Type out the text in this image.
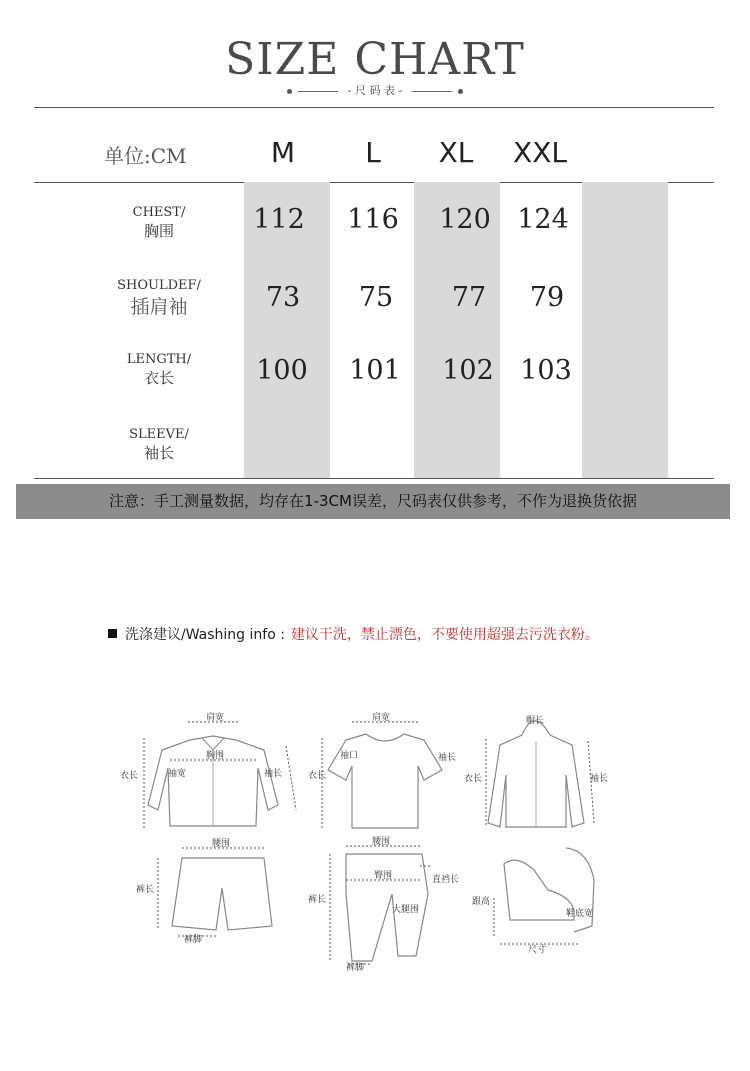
SIZE CHART
- 尺 码 表 -
单位:CM	M	L	XL	XXL
CHEST/
胸围	112	116	120 124
SHOULDEF/
插肩袖	73	75	77	79
LENGTH/
衣长	100	101	102 103
SLEEVE/
袖长
注意：手工测量数据，均存在1-3CM误差，尺码表仅供参考，不作为退换货依据
洗涤建议/Washing info : 建议干洗，禁止漂色，不要使用超强去污洗衣粉。
肩宽
胸围
衣长	袖宽	袖长
肩宽
袖口
衣长
袖长
帽长
衣长	袖长
腰围
裤长
裤脚
腰围
臀围	直裆长
大腿围
裤长
裤脚
跟高
鞋底宽
尺寸
